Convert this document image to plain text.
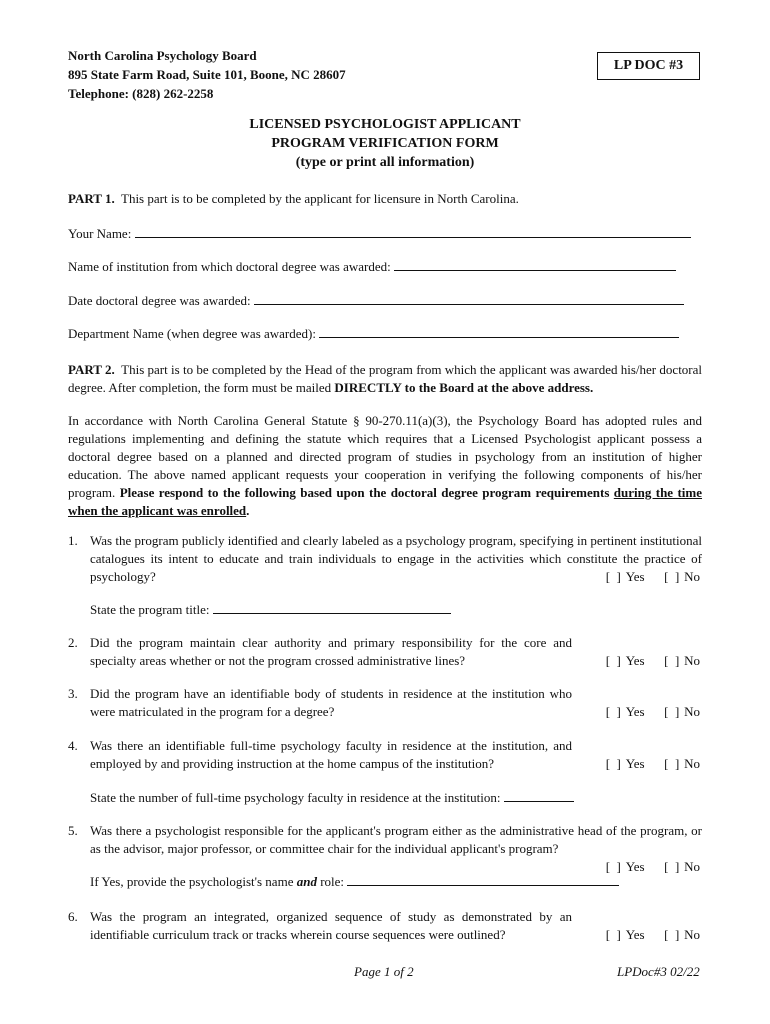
North Carolina Psychology Board
895 State Farm Road, Suite 101, Boone, NC 28607
Telephone: (828) 262-2258
LP DOC #3
LICENSED PSYCHOLOGIST APPLICANT
PROGRAM VERIFICATION FORM
(type or print all information)
PART 1. This part is to be completed by the applicant for licensure in North Carolina.
Your Name:
Name of institution from which doctoral degree was awarded:
Date doctoral degree was awarded:
Department Name (when degree was awarded):
PART 2. This part is to be completed by the Head of the program from which the applicant was awarded his/her doctoral degree. After completion, the form must be mailed DIRECTLY to the Board at the above address.
In accordance with North Carolina General Statute § 90-270.11(a)(3), the Psychology Board has adopted rules and regulations implementing and defining the statute which requires that a Licensed Psychologist applicant possess a doctoral degree based on a planned and directed program of studies in psychology from an institution of higher education. The above named applicant requests your cooperation in verifying the following components of his/her program. Please respond to the following based upon the doctoral degree program requirements during the time when the applicant was enrolled.
1. Was the program publicly identified and clearly labeled as a psychology program, specifying in pertinent institutional catalogues its intent to educate and train individuals to engage in the activities which constitute the practice of psychology?	[  ] Yes [  ] No
State the program title:
2. Did the program maintain clear authority and primary responsibility for the core and specialty areas whether or not the program crossed administrative lines?	[  ] Yes [  ] No
3. Did the program have an identifiable body of students in residence at the institution who were matriculated in the program for a degree?	[  ] Yes [  ] No
4. Was there an identifiable full-time psychology faculty in residence at the institution, and employed by and providing instruction at the home campus of the institution?	[  ] Yes [  ] No
State the number of full-time psychology faculty in residence at the institution:
5. Was there a psychologist responsible for the applicant's program either as the administrative head of the program, or as the advisor, major professor, or committee chair for the individual applicant's program?
[  ] Yes [  ] No
If Yes, provide the psychologist's name and role:
6. Was the program an integrated, organized sequence of study as demonstrated by an identifiable curriculum track or tracks wherein course sequences were outlined?	[  ] Yes [  ] No
Page 1 of 2	LPDoc#3 02/22
